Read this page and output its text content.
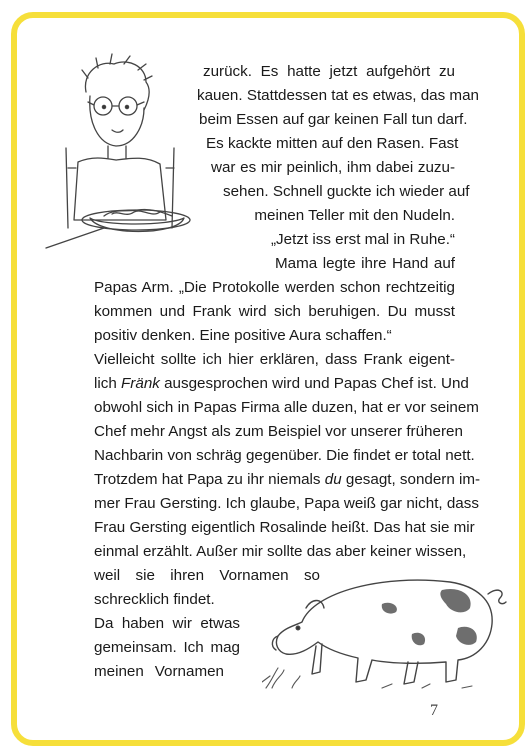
zurück. Es hatte jetzt aufgehört zu
kauen. Stattdessen tat es etwas, das man
beim Essen auf gar keinen Fall tun darf.
Es kackte mitten auf den Rasen. Fast
war es mir peinlich, ihm dabei zuzu-
sehen. Schnell guckte ich wieder auf
meinen Teller mit den Nudeln.
„Jetzt iss erst mal in Ruhe.“
Mama legte ihre Hand auf
Papas Arm. „Die Protokolle werden schon rechtzeitig
kommen und Frank wird sich beruhigen. Du musst
positiv denken. Eine positive Aura schaffen.“
Vielleicht sollte ich hier erklären, dass Frank eigent-
lich Fränk ausgesprochen wird und Papas Chef ist. Und
obwohl sich in Papas Firma alle duzen, hat er vor seinem
Chef mehr Angst als zum Beispiel vor unserer früheren
Nachbarin von schräg gegenüber. Die findet er total nett.
Trotzdem hat Papa zu ihr niemals du gesagt, sondern im-
mer Frau Gersting. Ich glaube, Papa weiß gar nicht, dass
Frau Gersting eigentlich Rosalinde heißt. Das hat sie mir
einmal erzählt. Außer mir sollte das aber keiner wissen,
weil sie ihren Vornamen so
schrecklich findet.
Da haben wir etwas
gemeinsam. Ich mag
meinen Vornamen
7
